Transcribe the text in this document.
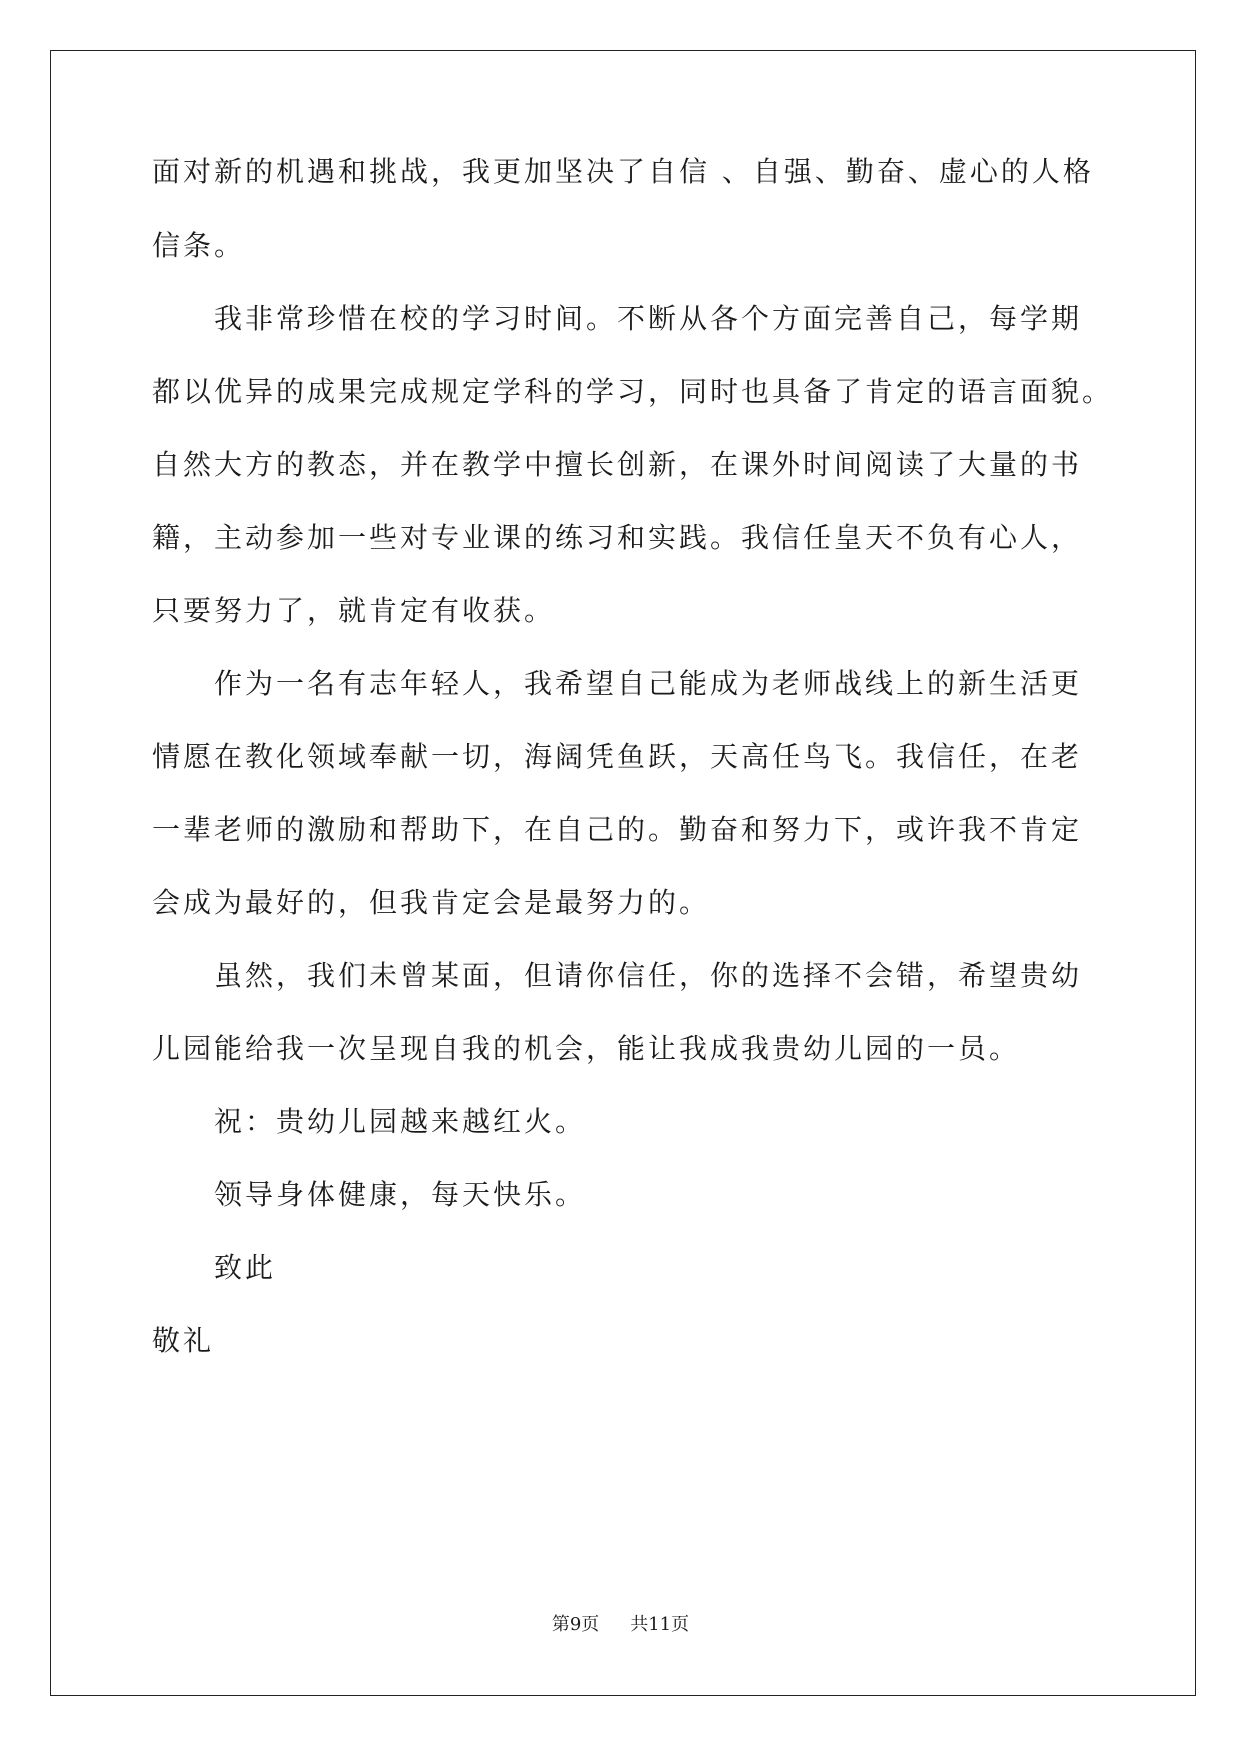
面对新的机遇和挑战，我更加坚决了自信 、自强、勤奋、虚心的人格
信条。
我非常珍惜在校的学习时间。不断从各个方面完善自己，每学期
都以优异的成果完成规定学科的学习，同时也具备了肯定的语言面貌。
自然大方的教态，并在教学中擅长创新，在课外时间阅读了大量的书
籍，主动参加一些对专业课的练习和实践。我信任皇天不负有心人，
只要努力了，就肯定有收获。
作为一名有志年轻人，我希望自己能成为老师战线上的新生活更
情愿在教化领域奉献一切，海阔凭鱼跃，天高任鸟飞。我信任，在老
一辈老师的激励和帮助下，在自己的。勤奋和努力下，或许我不肯定
会成为最好的，但我肯定会是最努力的。
虽然，我们未曾某面，但请你信任，你的选择不会错，希望贵幼
儿园能给我一次呈现自我的机会，能让我成我贵幼儿园的一员。
祝：贵幼儿园越来越红火。
领导身体健康，每天快乐。
致此
敬礼
第9页 共11页
